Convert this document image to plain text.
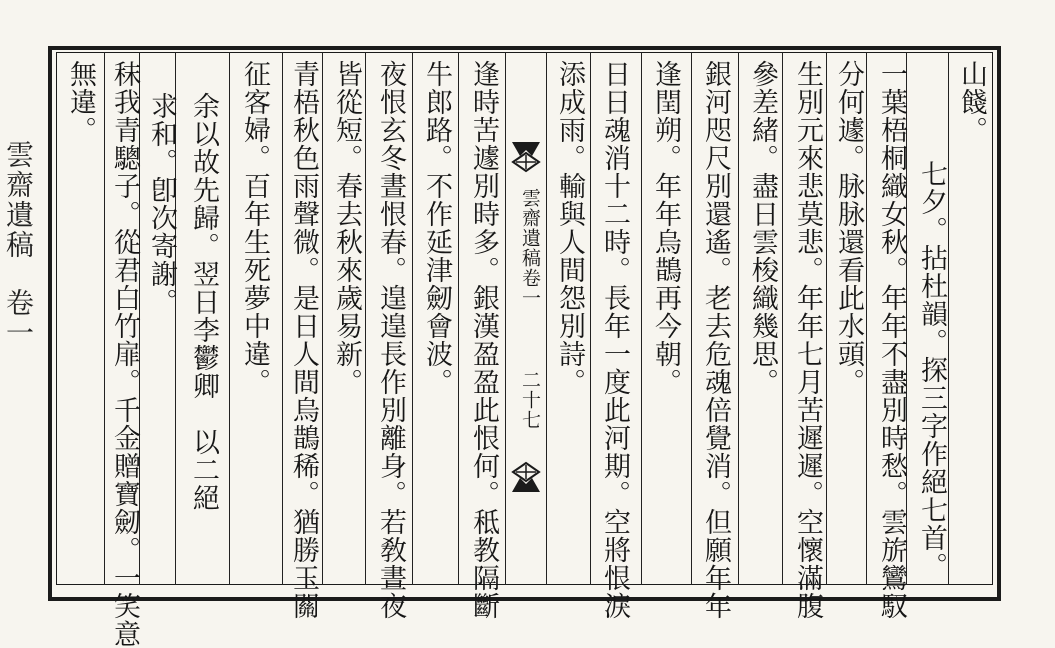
雲齋遺稿卷一
雲齋遺稿卷一
二十七
山餞。
七夕。拈杜韻。探三字作絕七首。
一葉梧桐織女秋。年年不盡別時愁。雲旂鸞馭
分何遽。脉脉還看此水頭。
生別元來悲莫悲。年年七月苦遲遲。空懷滿腹
參差緒。盡日雲梭織幾思。
銀河咫尺別還遙。老去危魂倍覺消。但願年年
逢閏朔。年年烏鵲再今朝。
日日魂消十二時。長年一度此河期。空將恨淚
添成雨。輸與人間怨別詩。
逢時苦遽別時多。銀漢盈盈此恨何。秪教隔斷
牛郎路。不作延津劒會波。
夜恨玄冬晝恨春。遑遑長作別離身。若敎晝夜
皆從短。春去秋來歲易新。
青梧秋色雨聲微。是日人間烏鵲稀。猶勝玉關
征客婦。百年生死夢中違。
余以故先歸。翌日李鬱卿　以二絕
求和。卽次寄謝。
秣我青驄子。從君白竹扉。千金贈寶劒。一笑意
無違。
